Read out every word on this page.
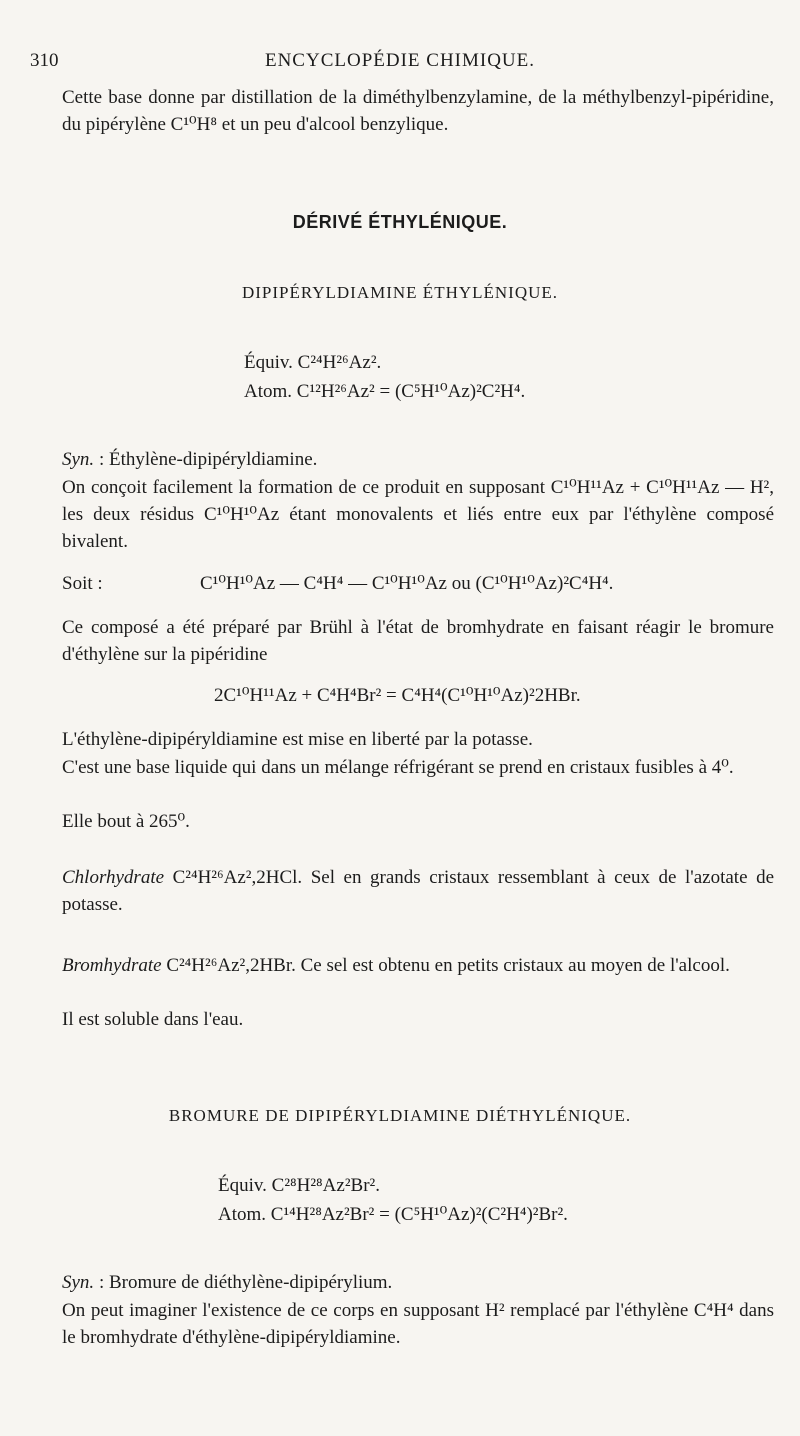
310	ENCYCLOPÉDIE CHIMIQUE.

Cette base donne par distillation de la diméthylbenzylamine, de la méthylbenzyl-pipéridine, du pipérylène C¹⁰H⁸ et un peu d'alcool benzylique.

DÉRIVÉ ÉTHYLÉNIQUE.
DIPIPÉRYLDIAMINE ÉTHYLÉNIQUE.
Équiv. C²⁴H²⁶Az².
Atom. C¹²H²⁶Az² = (C⁵H¹⁰Az)²C²H⁴.

Syn. : Éthylène-dipipéryldiamine.

On conçoit facilement la formation de ce produit en supposant C¹⁰H¹¹Az + C¹⁰H¹¹Az — H², les deux résidus C¹⁰H¹⁰Az étant monovalents et liés entre eux par l'éthylène composé bivalent.

Soit :	C¹⁰H¹⁰Az — C⁴H⁴ — C¹⁰H¹⁰Az ou (C¹⁰H¹⁰Az)²C⁴H⁴.

Ce composé a été préparé par Brühl à l'état de bromhydrate en faisant réagir le bromure d'éthylène sur la pipéridine

2C¹⁰H¹¹Az + C⁴H⁴Br² = C⁴H⁴(C¹⁰H¹⁰Az)²2HBr.

L'éthylène-dipipéryldiamine est mise en liberté par la potasse.

C'est une base liquide qui dans un mélange réfrigérant se prend en cristaux fusibles à 4⁰.

Elle bout à 265⁰.

Chlorhydrate C²⁴H²⁶Az²,2HCl. Sel en grands cristaux ressemblant à ceux de l'azotate de potasse.

Bromhydrate C²⁴H²⁶Az²,2HBr. Ce sel est obtenu en petits cristaux au moyen de l'alcool.

Il est soluble dans l'eau.

BROMURE DE DIPIPÉRYLDIAMINE DIÉTHYLÉNIQUE.
Équiv. C²⁸H²⁸Az²Br².
Atom. C¹⁴H²⁸Az²Br² = (C⁵H¹⁰Az)²(C²H⁴)²Br².

Syn. : Bromure de diéthylène-dipipérylium.

On peut imaginer l'existence de ce corps en supposant H² remplacé par l'éthylène C⁴H⁴ dans le bromhydrate d'éthylène-dipipéryldiamine.
